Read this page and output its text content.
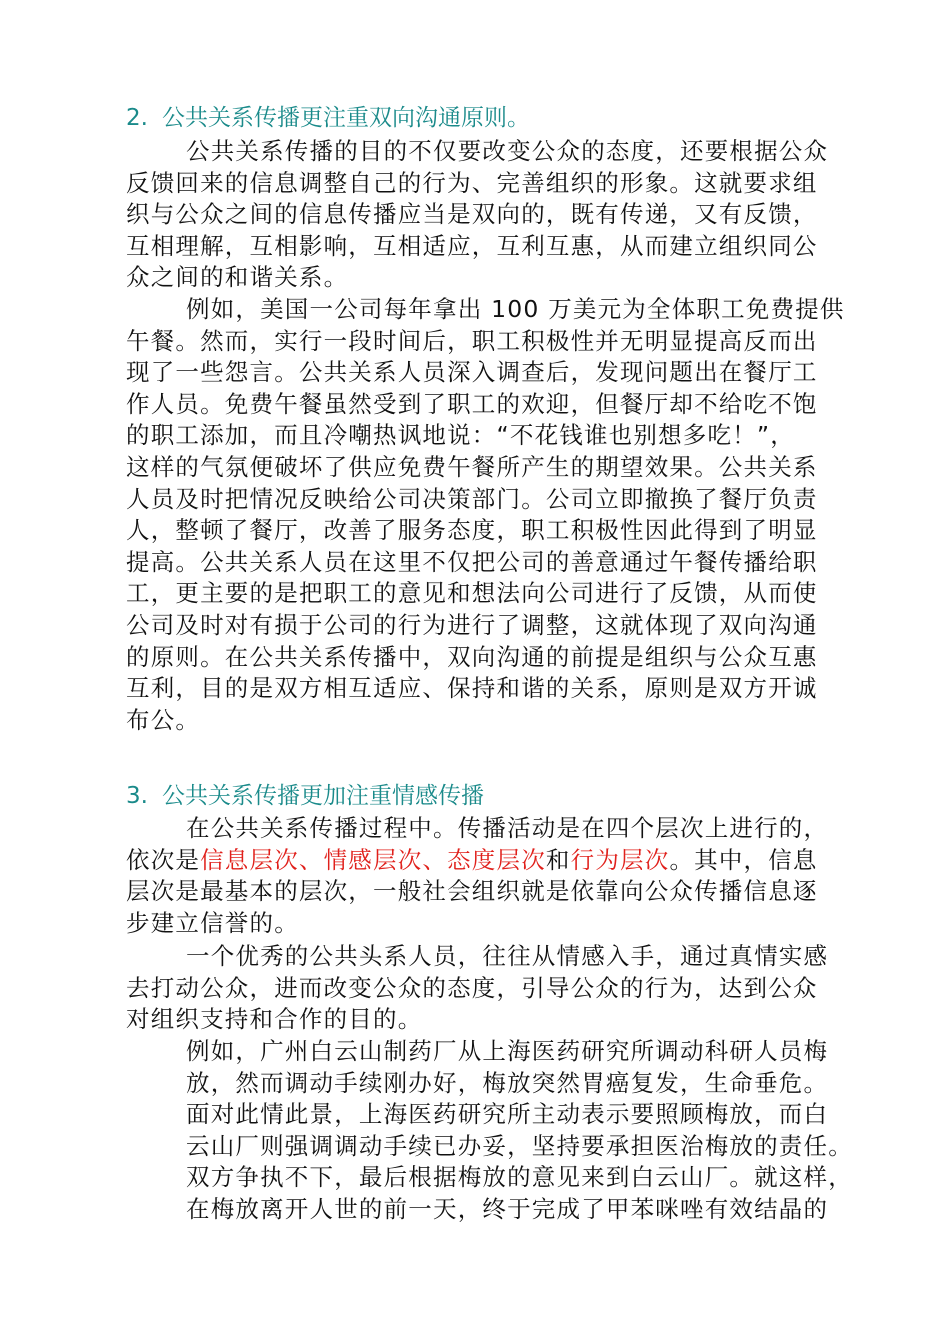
2. 公共关系传播更注重双向沟通原则。

公共关系传播的目的不仅要改变公众的态度，还要根据公众
反馈回来的信息调整自己的行为、完善组织的形象。这就要求组
织与公众之间的信息传播应当是双向的，既有传递，又有反馈，
互相理解，互相影响，互相适应，互利互惠，从而建立组织同公
众之间的和谐关系。

例如，美国一公司每年拿出 100 万美元为全体职工免费提供
午餐。然而，实行一段时间后，职工积极性并无明显提高反而出
现了一些怨言。公共关系人员深入调查后，发现问题出在餐厅工
作人员。免费午餐虽然受到了职工的欢迎，但餐厅却不给吃不饱
的职工添加，而且冷嘲热讽地说：“不花钱谁也别想多吃！”，
这样的气氛便破坏了供应免费午餐所产生的期望效果。公共关系
人员及时把情况反映给公司决策部门。公司立即撤换了餐厅负责
人，整顿了餐厅，改善了服务态度，职工积极性因此得到了明显
提高。公共关系人员在这里不仅把公司的善意通过午餐传播给职
工，更主要的是把职工的意见和想法向公司进行了反馈，从而使
公司及时对有损于公司的行为进行了调整，这就体现了双向沟通
的原则。在公共关系传播中，双向沟通的前提是组织与公众互惠
互利，目的是双方相互适应、保持和谐的关系，原则是双方开诚
布公。

3. 公共关系传播更加注重情感传播

在公共关系传播过程中。传播活动是在四个层次上进行的，
依次是信息层次、情感层次、态度层次和行为层次。其中，信息
层次是最基本的层次，一般社会组织就是依靠向公众传播信息逐
步建立信誉的。

一个优秀的公共头系人员，往往从情感入手，通过真情实感
去打动公众，进而改变公众的态度，引导公众的行为，达到公众
对组织支持和合作的目的。

例如，广州白云山制药厂从上海医药研究所调动科研人员梅
放，然而调动手续刚办好，梅放突然胃癌复发，生命垂危。
面对此情此景，上海医药研究所主动表示要照顾梅放，而白
云山厂则强调调动手续已办妥，坚持要承担医治梅放的责任。
双方争执不下，最后根据梅放的意见来到白云山厂。就这样，
在梅放离开人世的前一天，终于完成了甲苯咪唑有效结晶的
